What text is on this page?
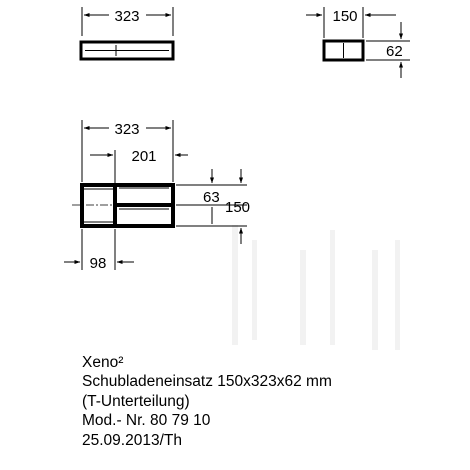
323	150
62
323
201
63
150
98
Xeno²
Schubladeneinsatz 150x323x62 mm
(T-Unterteilung)
Mod.- Nr. 80 79 10
25.09.2013/Th
